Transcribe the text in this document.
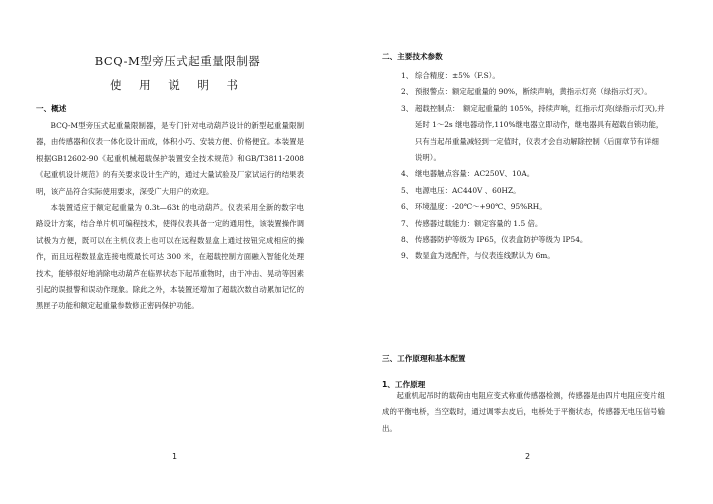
BCQ-M型旁压式起重量限制器
使 用 说 明 书
一、概述

BCQ-M型旁压式起重量限制器，是专门针对电动葫芦设计的新型起重量限制器，由传感器和仪表一体化设计而成，体积小巧、安装方便、价格便宜。本装置是根据GB12602-90《起重机械超载保护装置安全技术规范》和GB/T3811-2008《起重机设计规范》的有关要求设计生产的，通过大量试验及厂家试运行的结果表明，该产品符合实际使用要求，深受广大用户的欢迎。

本装置适应于额定起重量为 0.3t—63t 的电动葫芦。仪表采用全新的数字电路设计方案，结合单片机可编程技术，使得仪表具备一定的通用性，该装置操作调试极为方便，既可以在主机仪表上也可以在远程数显盒上通过按钮完成相应的操作，而且远程数显盒连接电缆最长可达 300 米，在超载控制方面融入智能化处理技术，能够很好地消除电动葫芦在临界状态下起吊重物时，由于冲击、晃动等因素引起的误报警和误动作现象。除此之外，本装置还增加了超载次数自动累加记忆的黑匣子功能和额定起重量参数修正密码保护功能。

1
二、主要技术参数
1、 综合精度：±5%（F.S）。
2、 预报警点：额定起重量的 90%，断续声响，黄指示灯亮（绿指示灯灭）。
3、 超载控制点：　额定起重量的 105%，持续声响，红指示灯亮(绿指示灯灭),并延时 1～2s 继电器动作,110%继电器立即动作，继电器具有超载自锁功能，只有当起吊重量减轻到一定值时，仪表才会自动解除控制（后面章节有详细说明）。
4、 继电器触点容量：AC250V、10A。
5、 电源电压：AC440V 、60HZ。
6、 环境温度：-20℃～+90℃、95%RH。
7、 传感器过载能力：额定容量的 1.5 倍。
8、 传感器防护等级为 IP65，仪表盒防护等级为 IP54。
9、 数显盒为选配件，与仪表连线默认为 6m。
三、工作原理和基本配置
1、工作原理

起重机起吊时的载荷由电阻应变式称重传感器检测，传感器是由四片电阻应变片组成的平衡电桥，当空载时，通过调零去皮后，电桥处于平衡状态，传感器无电压信号输出。

2
